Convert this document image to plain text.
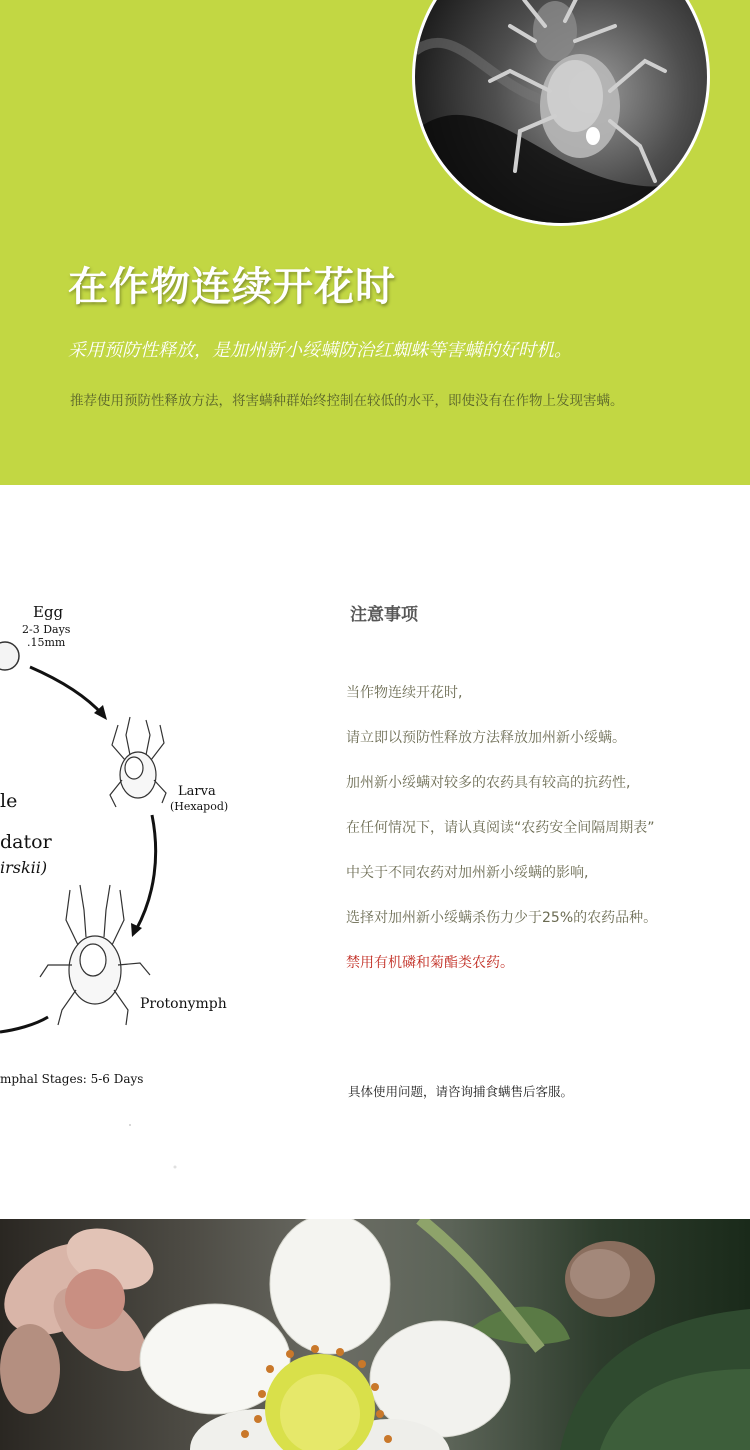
在作物连续开花时

采用预防性释放，是加州新小绥螨防治红蜘蛛等害螨的好时机。

推荐使用预防性释放方法，将害螨种群始终控制在较低的水平，即使没有在作物上发现害螨。

Egg

2-3 Days

.15mm

Larva

(Hexapod)

le

dator

irskii)

Protonymph

mphal Stages: 5-6 Days

注意事项
当作物连续开花时,
请立即以预防性释放方法释放加州新小绥螨。
加州新小绥螨对较多的农药具有较高的抗药性,
在任何情况下，请认真阅读“农药安全间隔周期表”
中关于不同农药对加州新小绥螨的影响,
选择对加州新小绥螨杀伤力少于25%的农药品种。
禁用有机磷和菊酯类农药。

具体使用问题，请咨询捕食螨售后客服。
